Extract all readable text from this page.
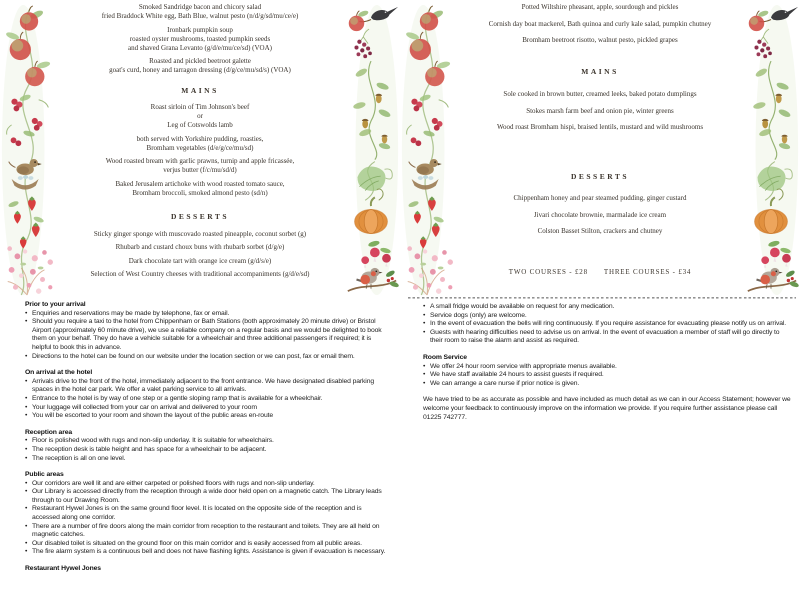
Smoked Sandridge bacon and chicory salad
fried Braddock White egg, Bath Blue, walnut pesto (n/d/g/sd/mu/ce/e)
Ironbark pumpkin soup
roasted oyster mushrooms, toasted pumpkin seeds
and shaved Grana Levanto (g/d/e/mu/ce/sd) (VOA)
Roasted and pickled beetroot galette
goat's curd, honey and tarragon dressing (d/g/ce/mu/sd/s) (VOA)
MAINS
Roast sirloin of Tim Johnson's beef
or
Leg of Cotswolds lamb
both served with Yorkshire pudding, roasties,
Bromham vegetables (d/e/g/ce/mu/sd)
Wood roasted bream with garlic prawns, turnip and apple fricassée,
verjus butter (f/c/mu/sd/d)
Baked Jerusalem artichoke with wood roasted tomato sauce,
Bromham broccoli, smoked almond pesto (sd/n)
DESSERTS
Sticky ginger sponge with muscovado roasted pineapple, coconut sorbet (g)
Rhubarb and custard choux buns with rhubarb sorbet (d/g/e)
Dark chocolate tart with orange ice cream (g/d/s/e)
Selection of West Country cheeses with traditional accompaniments (g/d/e/sd)
Potted Wiltshire pheasant, apple, sourdough and pickles
Cornish day boat mackerel, Bath quinoa and curly kale salad, pumpkin chutney
Bromham beetroot risotto, walnut pesto, pickled grapes
MAINS
Sole cooked in brown butter, creamed leeks, baked potato dumplings
Stokes marsh farm beef and onion pie, winter greens
Wood roast Bromham hispi, braised lentils, mustard and wild mushrooms
DESSERTS
Chippenham honey and pear steamed pudding, ginger custard
Jivari chocolate brownie, marmalade ice cream
Colston Basset Stilton, crackers and chutney
TWO COURSES - £28 THREE COURSES - £34
Prior to your arrival
• Enquiries and reservations may be made by telephone, fax or email.
• Should you require a taxi to the hotel from Chippenham or Bath Stations (both approximately 20 minute drive) or Bristol Airport (approximately 60 minute drive), we use a reliable company on a regular basis and we would be delighted to book them on your behalf. They do have a vehicle suitable for a wheelchair and three additional passengers if required; it is helpful to book this in advance.
• Directions to the hotel can be found on our website under the location section or we can post, fax or email them.
On arrival at the hotel
• Arrivals drive to the front of the hotel, immediately adjacent to the front entrance. We have designated disabled parking spaces in the hotel car park. We offer a valet parking service to all arrivals.
• Entrance to the hotel is by way of one step or a gentle sloping ramp that is available for a wheelchair.
• Your luggage will collected from your car on arrival and delivered to your room
• You will be escorted to your room and shown the layout of the public areas en-route
Reception area
• Floor is polished wood with rugs and non-slip underlay. It is suitable for wheelchairs.
• The reception desk is table height and has space for a wheelchair to be adjacent.
• The reception is all on one level.
Public areas
• Our corridors are well lit and are either carpeted or polished floors with rugs and non-slip underlay.
• Our Library is accessed directly from the reception through a wide door held open on a magnetic catch. The Library leads through to our Drawing Room.
• Restaurant Hywel Jones is on the same ground floor level. It is located on the opposite side of the reception and is accessed along one corridor.
• There are a number of fire doors along the main corridor from reception to the restaurant and toilets. They are all held on magnetic catches.
• Our disabled toilet is situated on the ground floor on this main corridor and is easily accessed from all public areas.
• The fire alarm system is a continuous bell and does not have flashing lights. Assistance is given if evacuation is necessary.
Restaurant Hywel Jones
• A small fridge would be available on request for any medication.
• Service dogs (only) are welcome.
• In the event of evacuation the bells will ring continuously. If you require assistance for evacuating please notify us on arrival.
• Guests with hearing difficulties need to advise us on arrival. In the event of evacuation a member of staff will go directly to their room to raise the alarm and assist as required.
Room Service
• We offer 24 hour room service with appropriate menus available.
• We have staff available 24 hours to assist guests if required.
• We can arrange a care nurse if prior notice is given.
We have tried to be as accurate as possible and have included as much detail as we can in our Access Statement; however we welcome your feedback to continuously improve on the information we provide. If you require further assistance please call 01225 742777.
